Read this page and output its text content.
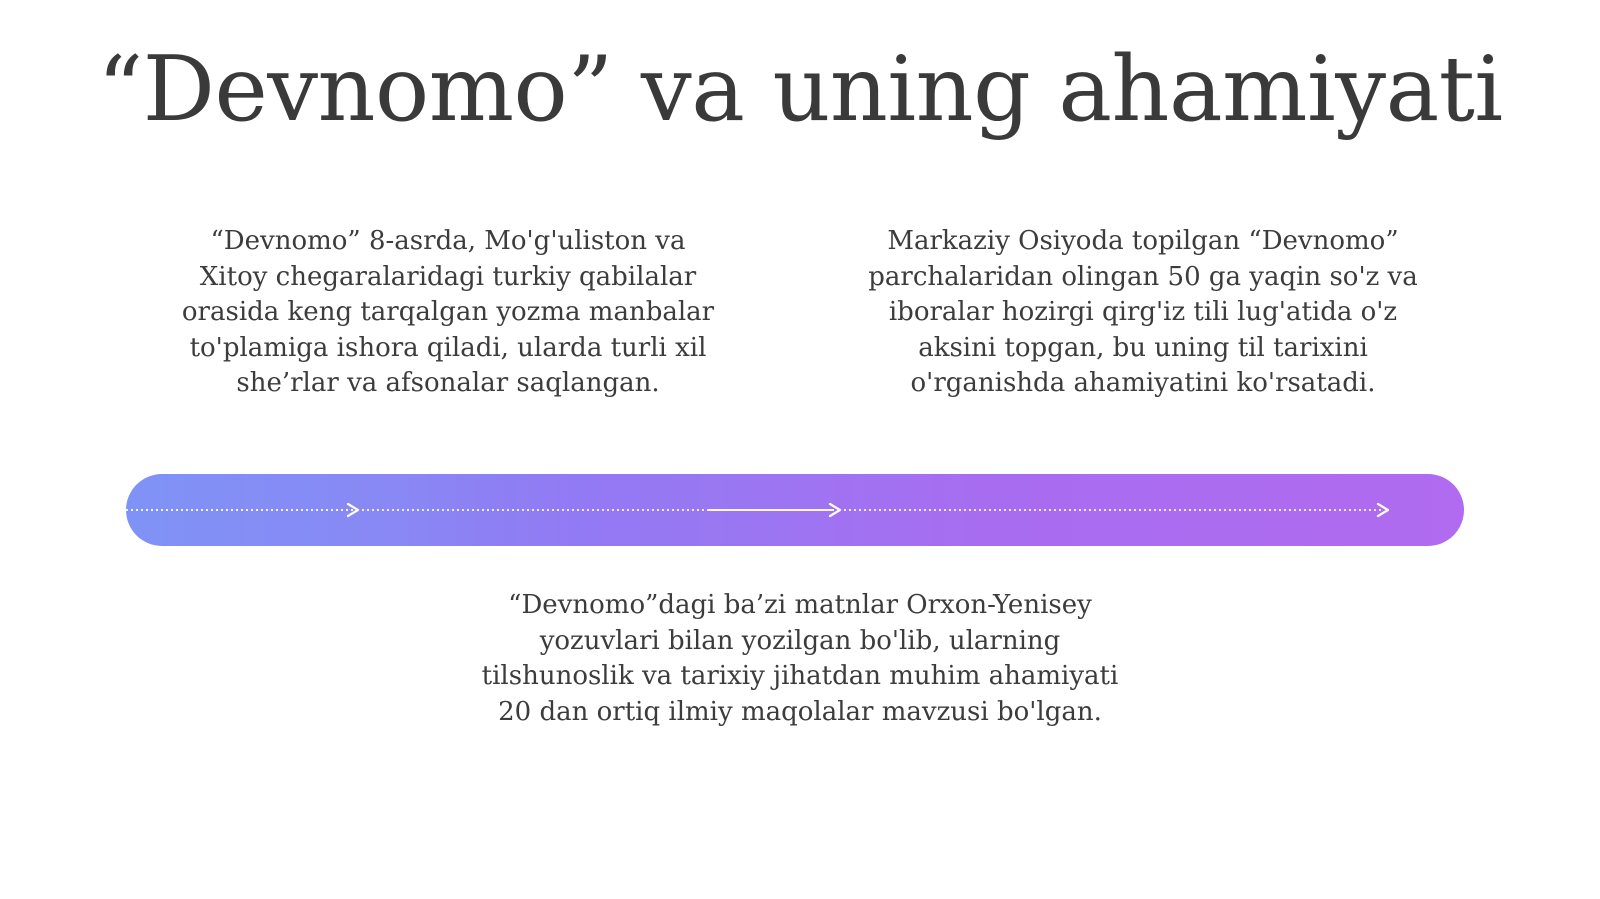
“Devnomo” va uning ahamiyati
“Devnomo” 8-asrda, Mo'g'uliston va
Xitoy chegaralaridagi turkiy qabilalar
orasida keng tarqalgan yozma manbalar
to'plamiga ishora qiladi, ularda turli xil
she’rlar va afsonalar saqlangan.
Markaziy Osiyoda topilgan “Devnomo”
parchalaridan olingan 50 ga yaqin so'z va
iboralar hozirgi qirg'iz tili lug'atida o'z
aksini topgan, bu uning til tarixini
o'rganishda ahamiyatini ko'rsatadi.
“Devnomo”dagi ba’zi matnlar Orxon-Yenisey
yozuvlari bilan yozilgan bo'lib, ularning
tilshunoslik va tarixiy jihatdan muhim ahamiyati
20 dan ortiq ilmiy maqolalar mavzusi bo'lgan.
